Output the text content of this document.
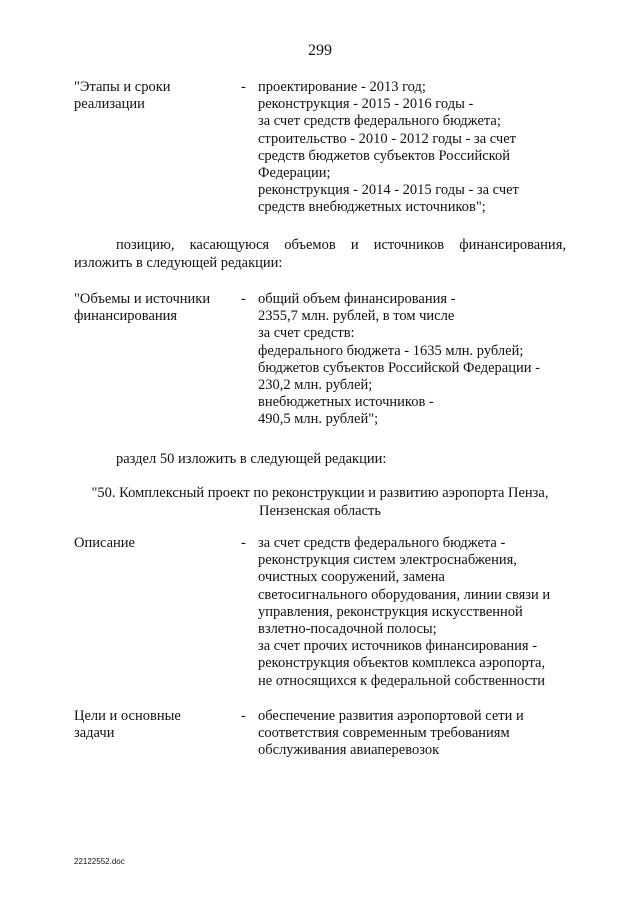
299
"Этапы и сроки
реализации
- проектирование - 2013 год;
реконструкция - 2015 - 2016 годы -
за счет средств федерального бюджета;
строительство - 2010 - 2012 годы - за счет
средств бюджетов субъектов Российской
Федерации;
реконструкция - 2014 - 2015 годы - за счет
средств внебюджетных источников";
позицию, касающуюся объемов и источников финансирования,
изложить в следующей редакции:
"Объемы и источники
финансирования
- общий объем финансирования -
2355,7 млн. рублей, в том числе
за счет средств:
федерального бюджета - 1635 млн. рублей;
бюджетов субъектов Российской Федерации -
230,2 млн. рублей;
внебюджетных источников -
490,5 млн. рублей";
раздел 50 изложить в следующей редакции:
"50. Комплексный проект по реконструкции и развитию аэропорта Пенза,
Пензенская область
Описание	- за счет средств федерального бюджета -
реконструкция систем электроснабжения,
очистных сооружений, замена
светосигнального оборудования, линии связи и
управления, реконструкция искусственной
взлетно-посадочной полосы;
за счет прочих источников финансирования -
реконструкция объектов комплекса аэропорта,
не относящихся к федеральной собственности
Цели и основные
задачи
- обеспечение развития аэропортовой сети и
соответствия современным требованиям
обслуживания авиаперевозок
22122552.doc
